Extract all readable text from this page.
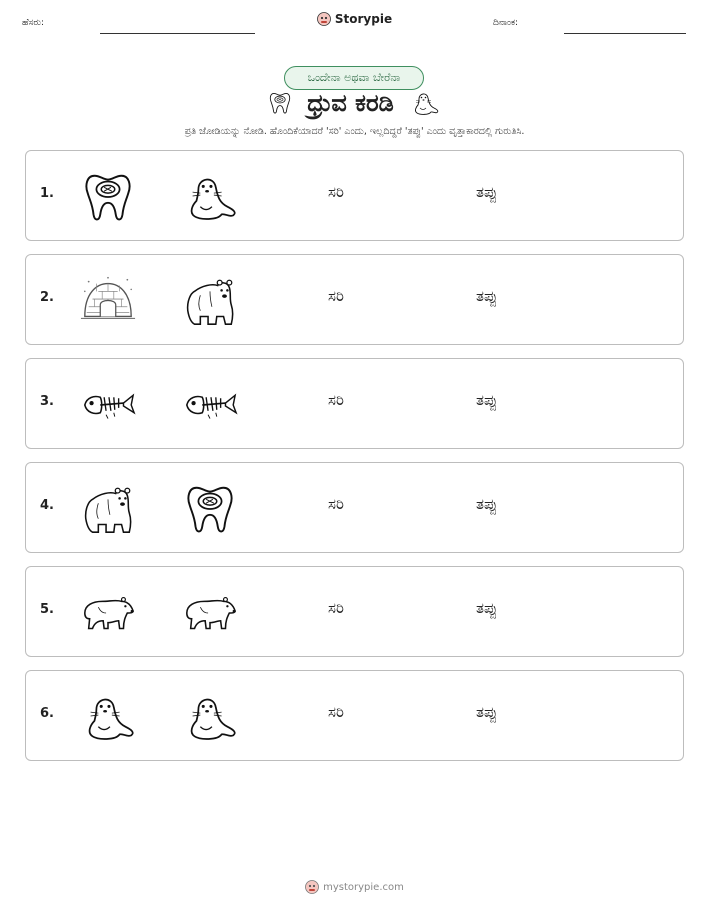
ಹೆಸರು:	Storypie	ದಿನಾಂಕ:
ಒಂದೇನಾ ಅಥವಾ ಬೇರೆನಾ
ಧ್ರುವ ಕರಡಿ
ಪ್ರತಿ ಜೋಡಿಯನ್ನು ನೋಡಿ. ಹೊಂದಿಕೆಯಾದರೆ 'ಸರಿ' ಎಂದು, ಇಲ್ಲದಿದ್ದರೆ 'ತಪ್ಪು' ಎಂದು ವೃತ್ತಾಕಾರದಲ್ಲಿ ಗುರುತಿಸಿ.
1.	ಸರಿ	ತಪ್ಪು
2.	ಸರಿ	ತಪ್ಪು
3.	ಸರಿ	ತಪ್ಪು
4.	ಸರಿ	ತಪ್ಪು
5.	ಸರಿ	ತಪ್ಪು
6.	ಸರಿ	ತಪ್ಪು
mystorypie.com
